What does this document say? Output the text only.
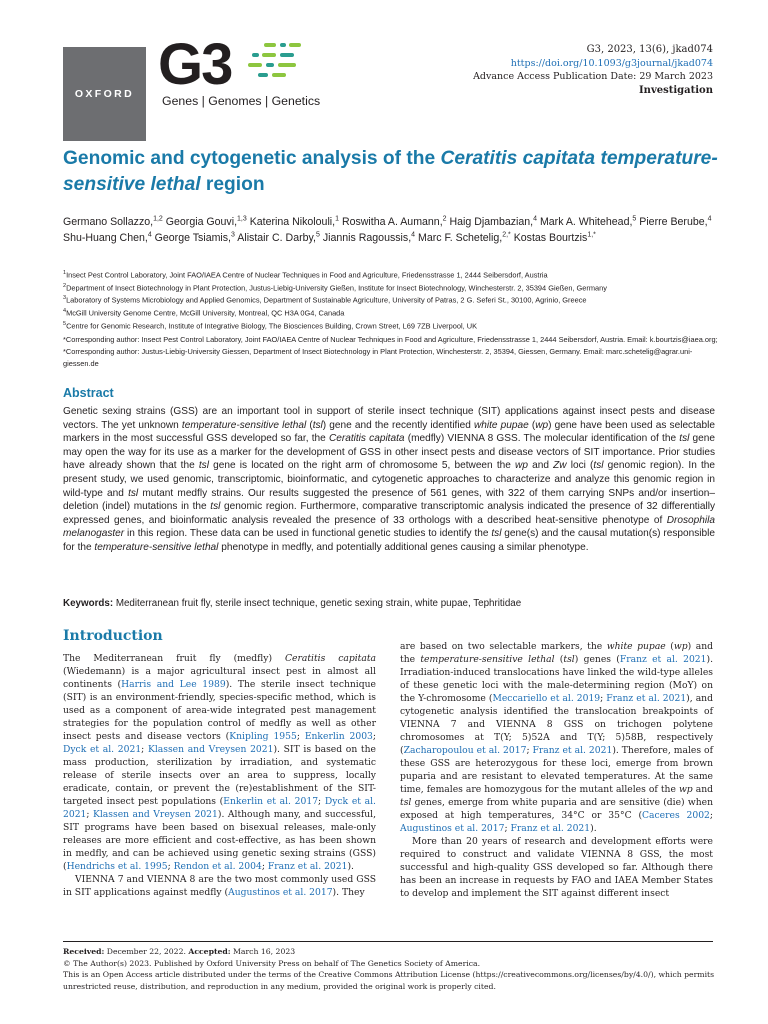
OXFORD G3
Genes | Genomes | Genetics
G3, 2023, 13(6), jkad074
https://doi.org/10.1093/g3journal/jkad074
Advance Access Publication Date: 29 March 2023
Investigation
Genomic and cytogenetic analysis of the Ceratitis capitata temperature-sensitive lethal region
Germano Sollazzo,$^{1,2}$ Georgia Gouvi,$^{1,3}$ Katerina Nikolouli,$^1$ Roswitha A. Aumann,$^2$ Haig Djambazian,$^4$ Mark A. Whitehead,$^5$ Pierre Berube,$^4$ Shu-Huang Chen,$^4$ George Tsiamis,$^3$ Alistair C. Darby,$^5$ Jiannis Ragoussis,$^4$ Marc F. Schetelig,$^{2,*}$ Kostas Bourtzis$^{1,*}$
$^1$Insect Pest Control Laboratory, Joint FAO/IAEA Centre of Nuclear Techniques in Food and Agriculture, Friedensstrasse 1, 2444 Seibersdorf, Austria
$^2$Department of Insect Biotechnology in Plant Protection, Justus-Liebig-University Gießen, Institute for Insect Biotechnology, Winchesterstr. 2, 35394 Gießen, Germany
$^3$Laboratory of Systems Microbiology and Applied Genomics, Department of Sustainable Agriculture, University of Patras, 2 G. Seferi St., 30100, Agrinio, Greece
$^4$McGill University Genome Centre, McGill University, Montreal, QC H3A 0G4, Canada
$^5$Centre for Genomic Research, Institute of Integrative Biology, The Biosciences Building, Crown Street, L69 7ZB Liverpool, UK
*Corresponding author: Insect Pest Control Laboratory, Joint FAO/IAEA Centre of Nuclear Techniques in Food and Agriculture, Friedensstrasse 1, 2444 Seibersdorf, Austria. Email: k.bourtzis@iaea.org; *Corresponding author: Justus-Liebig-University Giessen, Department of Insect Biotechnology in Plant Protection, Winchesterstr. 2, 35394, Giessen, Germany. Email: marc.schetelig@agrar.uni-giessen.de
Abstract
Genetic sexing strains (GSS) are an important tool in support of sterile insect technique (SIT) applications against insect pests and disease vectors. The yet unknown temperature-sensitive lethal (tsl) gene and the recently identified white pupae (wp) gene have been used as selectable markers in the most successful GSS developed so far, the Ceratitis capitata (medfly) VIENNA 8 GSS. The molecular identification of the tsl gene may open the way for its use as a marker for the development of GSS in other insect pests and disease vectors of SIT importance. Prior studies have already shown that the tsl gene is located on the right arm of chromosome 5, between the wp and Zw loci (tsl genomic region). In the present study, we used genomic, transcriptomic, bioinformatic, and cytogenetic approaches to characterize and analyze this genomic region in wild-type and tsl mutant medfly strains. Our results suggested the presence of 561 genes, with 322 of them carrying SNPs and/or insertion–deletion (indel) mutations in the tsl genomic region. Furthermore, comparative transcriptomic analysis indicated the presence of 32 differentially expressed genes, and bioinformatic analysis revealed the presence of 33 orthologs with a described heat-sensitive phenotype of Drosophila melanogaster in this region. These data can be used in functional genetic studies to identify the tsl gene(s) and the causal mutation(s) responsible for the temperature-sensitive lethal phenotype in medfly, and potentially additional genes causing a similar phenotype.
Keywords: Mediterranean fruit fly, sterile insect technique, genetic sexing strain, white pupae, Tephritidae
Introduction

The Mediterranean fruit fly (medfly) Ceratitis capitata (Wiedemann) is a major agricultural insect pest in almost all continents (Harris and Lee 1989). The sterile insect technique (SIT) is an environment-friendly, species-specific method, which is used as a component of area-wide integrated pest management strategies for the population control of medfly as well as other insect pests and disease vectors (Knipling 1955; Enkerlin 2003; Dyck et al. 2021; Klassen and Vreysen 2021). SIT is based on the mass production, sterilization by irradiation, and systematic release of sterile insects over an area to suppress, locally eradicate, contain, or prevent the (re)establishment of the SIT-targeted insect pest populations (Enkerlin et al. 2017; Dyck et al. 2021; Klassen and Vreysen 2021). Although many, and successful, SIT programs have been based on bisexual releases, male-only releases are more efficient and cost-effective, as has been shown in medfly, and can be achieved using genetic sexing strains (GSS) (Hendrichs et al. 1995; Rendon et al. 2004; Franz et al. 2021).

VIENNA 7 and VIENNA 8 are the two most commonly used GSS in SIT applications against medfly (Augustinos et al. 2017). They

are based on two selectable markers, the white pupae (wp) and the temperature-sensitive lethal (tsl) genes (Franz et al. 2021). Irradiation-induced translocations have linked the wild-type alleles of these genetic loci with the male-determining region (MoY) on the Y-chromosome (Meccariello et al. 2019; Franz et al. 2021), and cytogenetic analysis identified the translocation breakpoints of VIENNA 7 and VIENNA 8 GSS on trichogen polytene chromosomes at T(Y; 5)52A and T(Y; 5)58B, respectively (Zacharopoulou et al. 2017; Franz et al. 2021). Therefore, males of these GSS are heterozygous for these loci, emerge from brown puparia and are resistant to elevated temperatures. At the same time, females are homozygous for the mutant alleles of the wp and tsl genes, emerge from white puparia and are sensitive (die) when exposed at high temperatures, 34°C or 35°C (Caceres 2002; Augustinos et al. 2017; Franz et al. 2021).

More than 20 years of research and development efforts were required to construct and validate VIENNA 8 GSS, the most successful and high-quality GSS developed so far. Although there has been an increase in requests by FAO and IAEA Member States to develop and implement the SIT against different insect

Received: December 22, 2022. Accepted: March 16, 2023
© The Author(s) 2023. Published by Oxford University Press on behalf of The Genetics Society of America.
This is an Open Access article distributed under the terms of the Creative Commons Attribution License (https://creativecommons.org/licenses/by/4.0/), which permits unrestricted reuse, distribution, and reproduction in any medium, provided the original work is properly cited.
